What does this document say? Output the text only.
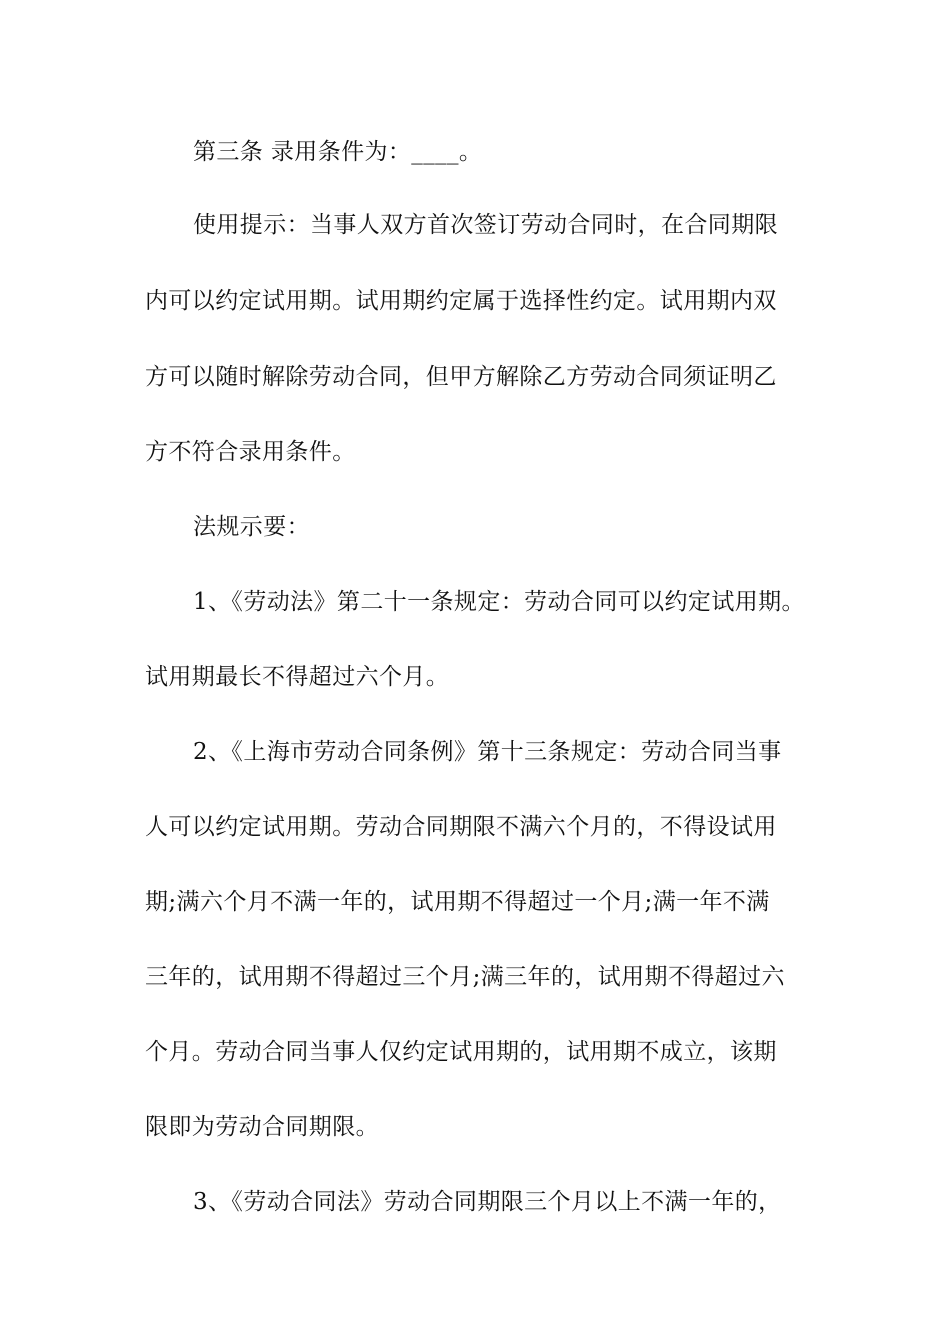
第三条 录用条件为：____。
使用提示：当事人双方首次签订劳动合同时，在合同期限
内可以约定试用期。试用期约定属于选择性约定。试用期内双
方可以随时解除劳动合同，但甲方解除乙方劳动合同须证明乙
方不符合录用条件。
法规示要：
1、《劳动法》第二十一条规定：劳动合同可以约定试用期。
试用期最长不得超过六个月。
2、《上海市劳动合同条例》第十三条规定：劳动合同当事
人可以约定试用期。劳动合同期限不满六个月的，不得设试用
期;满六个月不满一年的，试用期不得超过一个月;满一年不满
三年的，试用期不得超过三个月;满三年的，试用期不得超过六
个月。劳动合同当事人仅约定试用期的，试用期不成立，该期
限即为劳动合同期限。
3、《劳动合同法》劳动合同期限三个月以上不满一年的，
